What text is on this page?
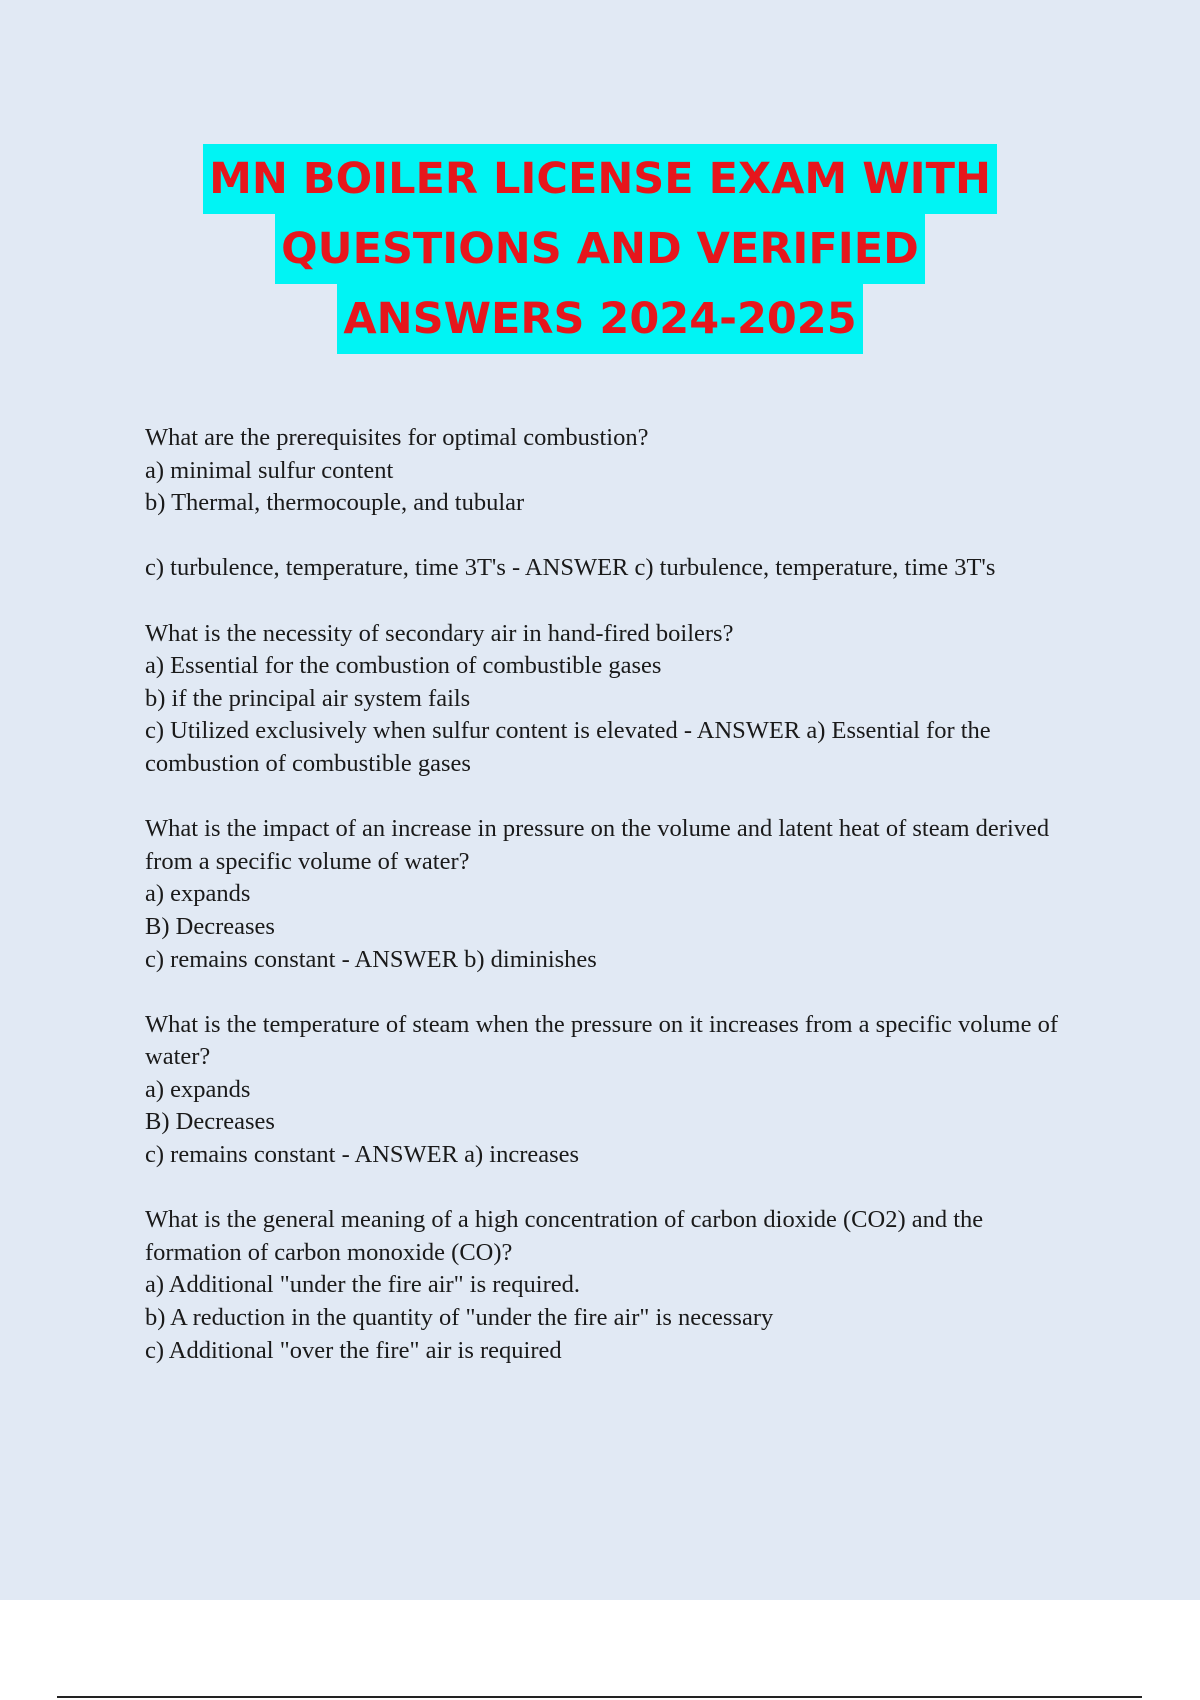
MN BOILER LICENSE EXAM WITH
QUESTIONS AND VERIFIED
ANSWERS 2024-2025
What are the prerequisites for optimal combustion?
a) minimal sulfur content
b) Thermal, thermocouple, and tubular
c) turbulence, temperature, time 3T's - ANSWER c) turbulence, temperature, time 3T's
What is the necessity of secondary air in hand-fired boilers?
a) Essential for the combustion of combustible gases
b) if the principal air system fails
c) Utilized exclusively when sulfur content is elevated - ANSWER a) Essential for the combustion of combustible gases
What is the impact of an increase in pressure on the volume and latent heat of steam derived from a specific volume of water?
a) expands
B) Decreases
c) remains constant - ANSWER b) diminishes
What is the temperature of steam when the pressure on it increases from a specific volume of water?
a) expands
B) Decreases
c) remains constant - ANSWER a) increases
What is the general meaning of a high concentration of carbon dioxide (CO2) and the formation of carbon monoxide (CO)?
a) Additional "under the fire air" is required.
b) A reduction in the quantity of "under the fire air" is necessary
c) Additional "over the fire" air is required
